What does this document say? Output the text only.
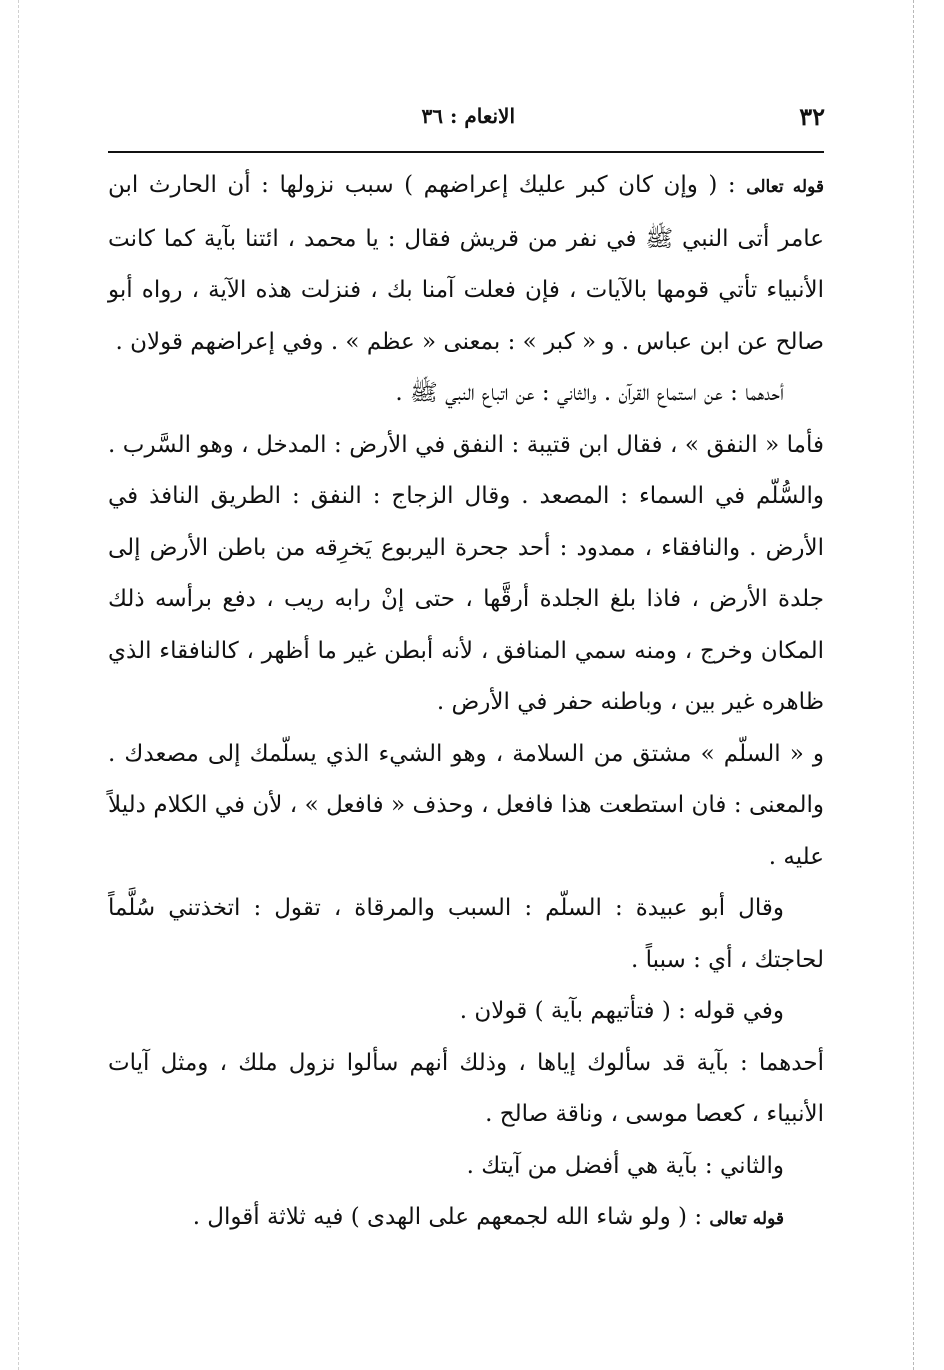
٣٢
الانعام : ٣٦

قوله تعالى : ( وإن كان كبر عليك إعراضهم ) سبب نزولها : أن الحارث ابن عامر أتى النبي ﷺ في نفر من قريش فقال : يا محمد ، ائتنا بآية كما كانت الأنبياء تأتي قومها بالآيات ، فإن فعلت آمنا بك ، فنزلت هذه الآية ، رواه أبو صالح عن ابن عباس . و « كبر » : بمعنى « عظم » . وفي إعراضهم قولان .

أحدهما : عن استماع القرآن . والثاني : عن اتباع النبي ﷺ .

فأما « النفق » ، فقال ابن قتيبة : النفق في الأرض : المدخل ، وهو السَّرب . والسُّلّم في السماء : المصعد . وقال الزجاج : النفق : الطريق النافذ في الأرض . والنافقاء ، ممدود : أحد جحرة اليربوع يَخرِقه من باطن الأرض إلى جلدة الأرض ، فاذا بلغ الجلدة أرقَّها ، حتى إنْ رابه ريب ، دفع برأسه ذلك المكان وخرج ، ومنه سمي المنافق ، لأنه أبطن غير ما أظهر ، كالنافقاء الذي ظاهره غير بين ، وباطنه حفر في الأرض .

و « السلّم » مشتق من السلامة ، وهو الشيء الذي يسلّمك إلى مصعدك . والمعنى : فان استطعت هذا فافعل ، وحذف « فافعل » ، لأن في الكلام دليلاً عليه .

وقال أبو عبيدة : السلّم : السبب والمرقاة ، تقول : اتخذتني سُلَّماً لحاجتك ، أي : سبباً .

وفي قوله : ( فتأتيهم بآية ) قولان .

أحدهما : بآية قد سألوك إياها ، وذلك أنهم سألوا نزول ملك ، ومثل آيات الأنبياء ، كعصا موسى ، وناقة صالح .

والثاني : بآية هي أفضل من آيتك .

قوله تعالى : ( ولو شاء الله لجمعهم على الهدى ) فيه ثلاثة أقوال .
